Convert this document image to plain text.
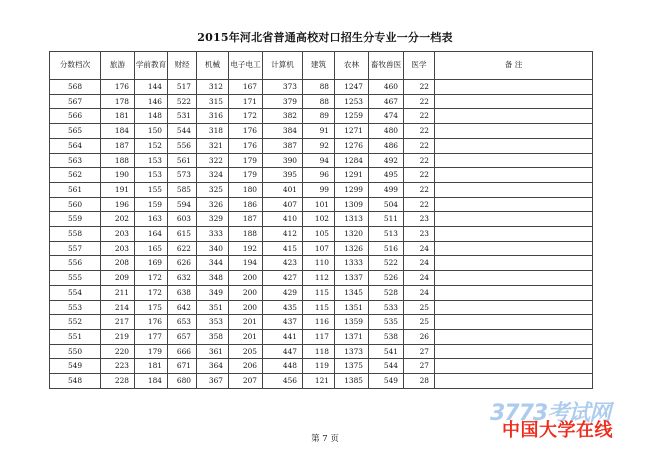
2015年河北省普通高校对口招生分专业一分一档表
分数档次	旅游	学前教育	财经	机械	电子电工	计算机	建筑	农林	畜牧兽医	医学	备 注
568	176	144	517	312	167	373	88	1247	460	22	
567	178	146	522	315	171	379	88	1253	467	22	
566	181	148	531	316	172	382	89	1259	474	22	
565	184	150	544	318	176	384	91	1271	480	22	
564	187	152	556	321	176	387	92	1276	486	22	
563	188	153	561	322	179	390	94	1284	492	22	
562	190	153	573	324	179	395	96	1291	495	22	
561	191	155	585	325	180	401	99	1299	499	22	
560	196	159	594	326	186	407	101	1309	504	22	
559	202	163	603	329	187	410	102	1313	511	23	
558	203	164	615	333	188	412	105	1320	513	23	
557	203	165	622	340	192	415	107	1326	516	24	
556	208	169	626	344	194	423	110	1333	522	24	
555	209	172	632	348	200	427	112	1337	526	24	
554	211	172	638	349	200	429	115	1345	528	24	
553	214	175	642	351	200	435	115	1351	533	25	
552	217	176	653	353	201	437	116	1359	535	25	
551	219	177	657	358	201	441	117	1371	538	26	
550	220	179	666	361	205	447	118	1373	541	27	
549	223	181	671	364	206	448	119	1375	544	27	
548	228	184	680	367	207	456	121	1385	549	28	
第 7 页
3773考试网
中国大学在线
